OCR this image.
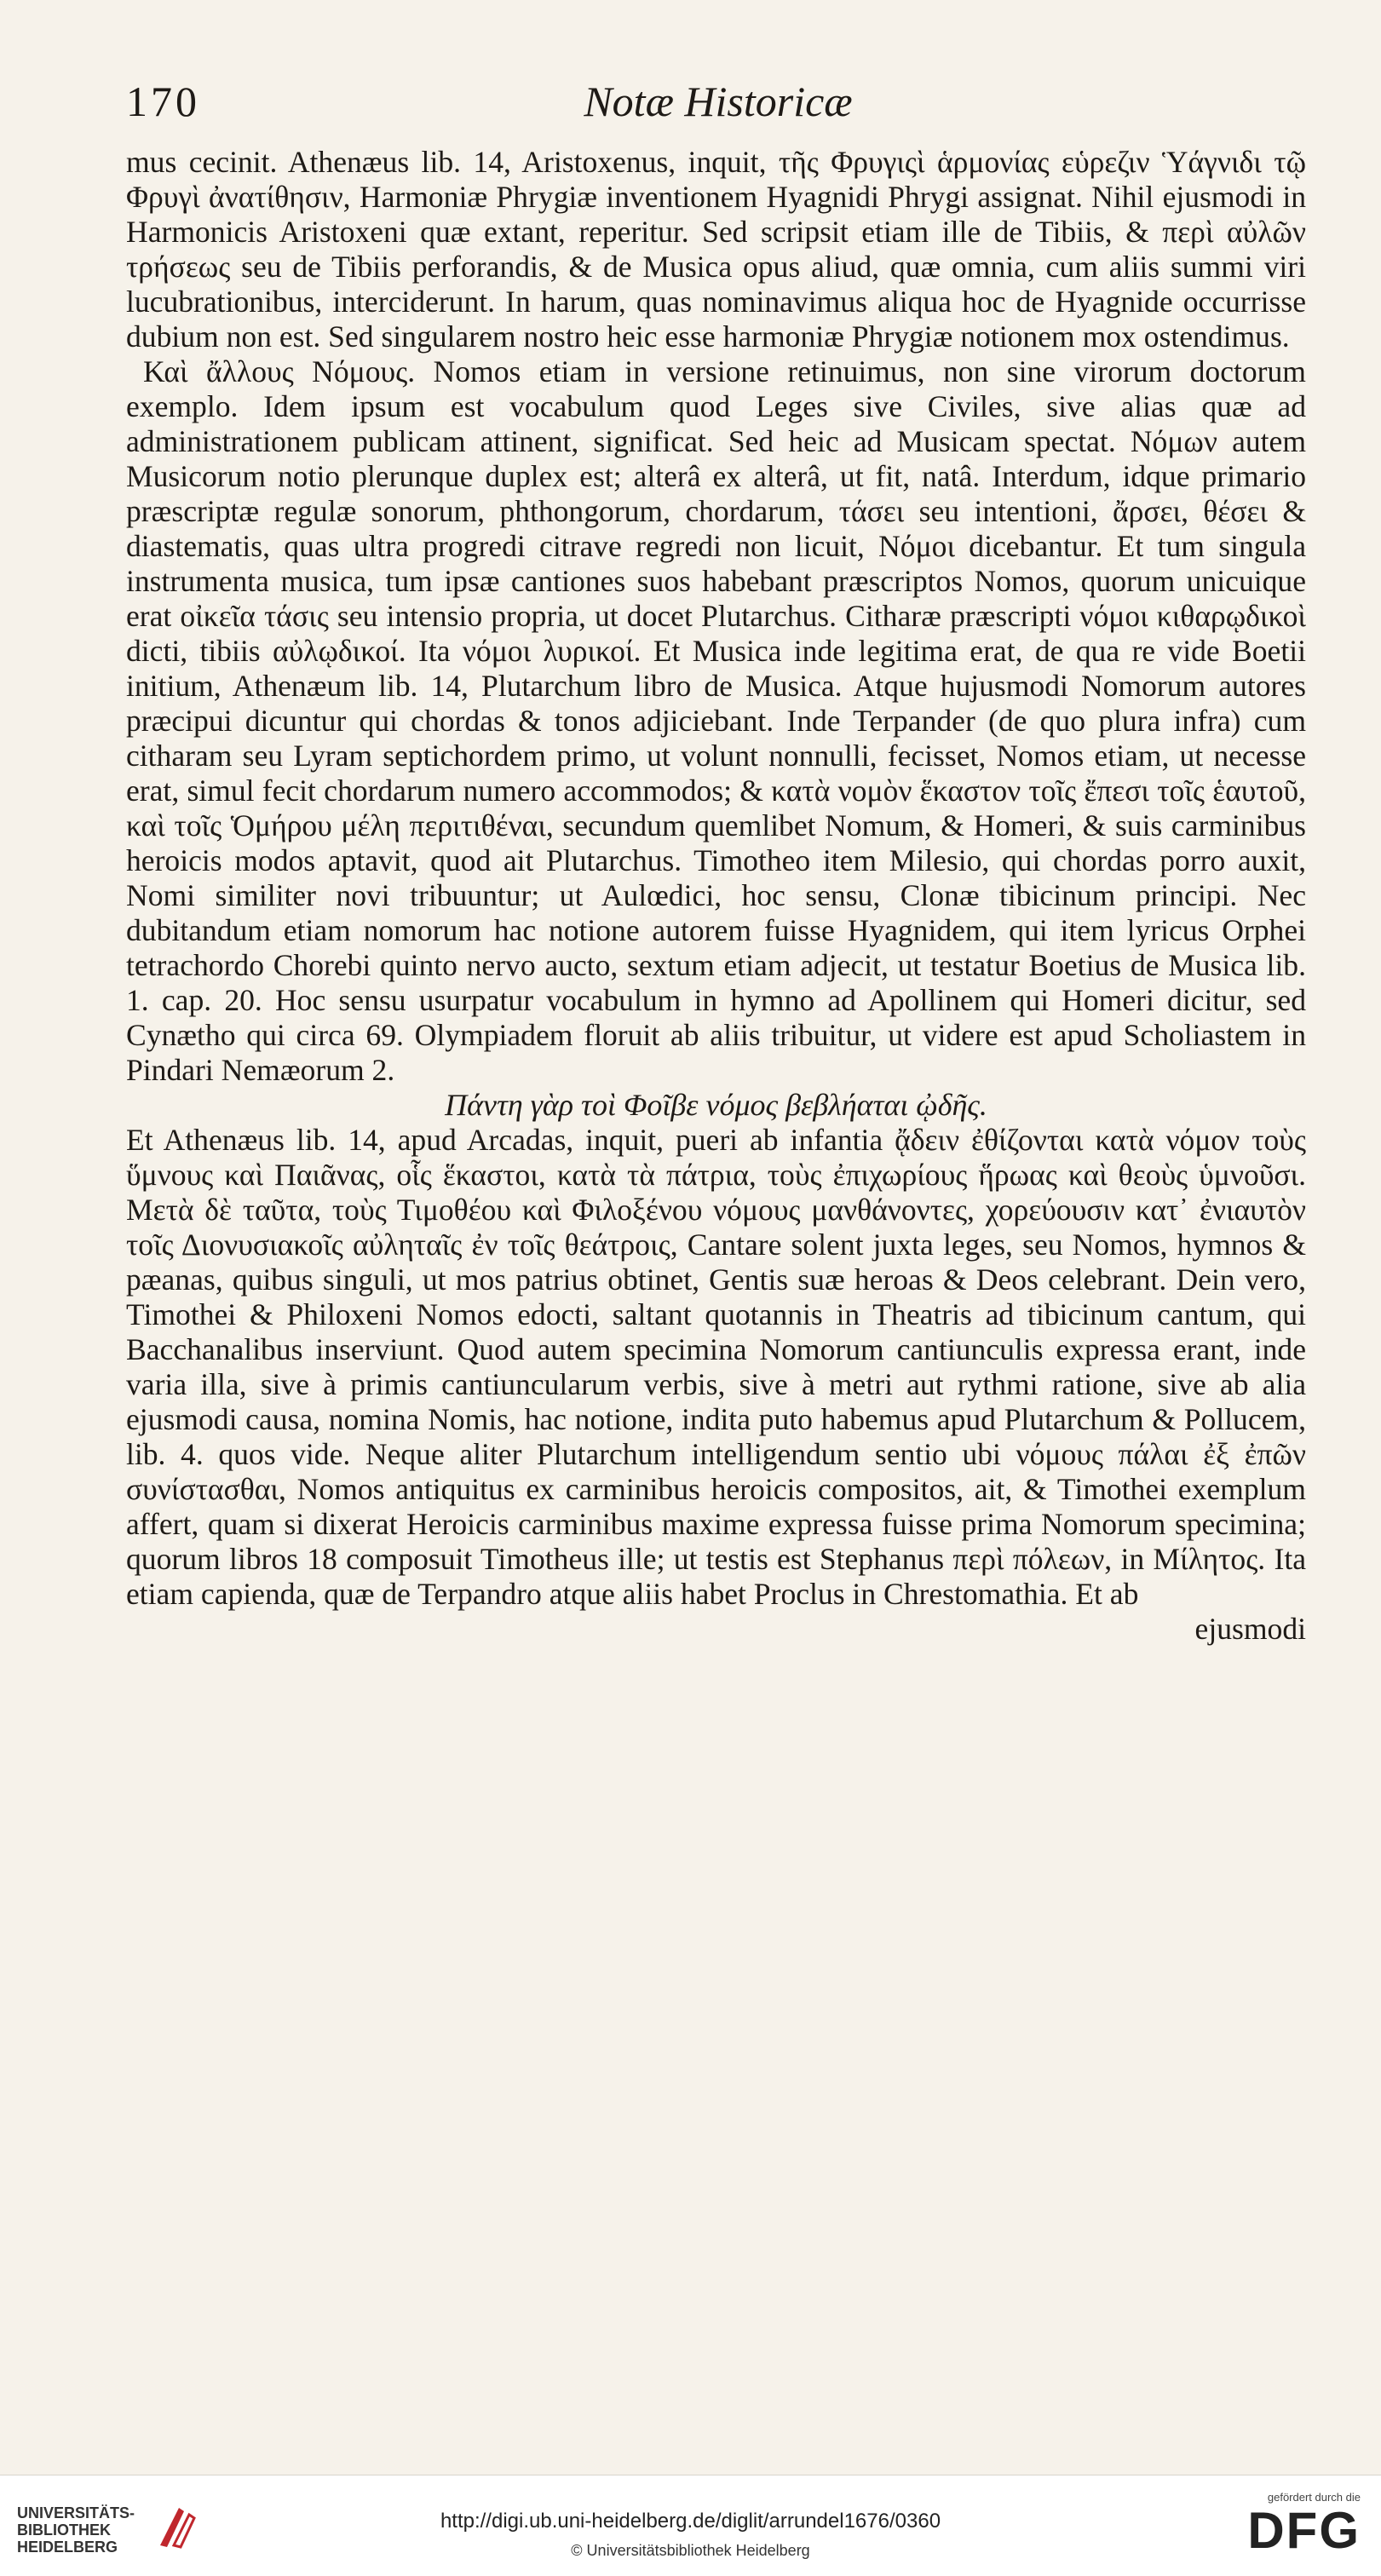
170	Notæ Historicæ

mus cecinit. Athenæus lib. 14, Aristoxenus, inquit, τῆς Φρυγιςὶ ἁρμονίας εὑρεζιν Ὑάγνιδι τῷ Φρυγὶ ἀνατίθησιν, Harmoniæ Phrygiæ inventionem Hyagnidi Phrygi assignat. Nihil ejusmodi in Harmonicis Aristoxeni quæ extant, reperitur. Sed scripsit etiam ille de Tibiis, & περὶ αὐλῶν τρήσεως seu de Tibiis perforandis, & de Musica opus aliud, quæ omnia, cum aliis summi viri lucubrationibus, interciderunt. In harum, quas nominavimus aliqua hoc de Hyagnide occurrisse dubium non est. Sed singularem nostro heic esse harmoniæ Phrygiæ notionem mox ostendimus.

Καὶ ἄλλους Νόμους. Nomos etiam in versione retinuimus, non sine virorum doctorum exemplo. Idem ipsum est vocabulum quod Leges sive Civiles, sive alias quæ ad administrationem publicam attinent, significat. Sed heic ad Musicam spectat. Νόμων autem Musicorum notio plerunque duplex est; alterâ ex alterâ, ut fit, natâ. Interdum, idque primario præscriptæ regulæ sonorum, phthongorum, chordarum, τάσει seu intentioni, ἄρσει, θέσει & diastematis, quas ultra progredi citrave regredi non licuit, Νόμοι dicebantur. Et tum singula instrumenta musica, tum ipsæ cantiones suos habebant præscriptos Nomos, quorum unicuique erat οἰκεῖα τάσις seu intensio propria, ut docet Plutarchus. Citharæ præscripti νόμοι κιθαρῳδικοὶ dicti, tibiis αὐλῳδικοί. Ita νόμοι λυρικοί. Et Musica inde legitima erat, de qua re vide Boetii initium, Athenæum lib. 14, Plutarchum libro de Musica. Atque hujusmodi Nomorum autores præcipui dicuntur qui chordas & tonos adjiciebant. Inde Terpander (de quo plura infra) cum citharam seu Lyram septichordem primo, ut volunt nonnulli, fecisset, Nomos etiam, ut necesse erat, simul fecit chordarum numero accommodos; & κατὰ νομὸν ἕκαστον τοῖς ἔπεσι τοῖς ἑαυτοῦ, καὶ τοῖς Ὁμήρου μέλη περιτιθέναι, secundum quemlibet Nomum, & Homeri, & suis carminibus heroicis modos aptavit, quod ait Plutarchus. Timotheo item Milesio, qui chordas porro auxit, Nomi similiter novi tribuuntur; ut Aulœdici, hoc sensu, Clonæ tibicinum principi. Nec dubitandum etiam nomorum hac notione autorem fuisse Hyagnidem, qui item lyricus Orphei tetrachordo Chorebi quinto nervo aucto, sextum etiam adjecit, ut testatur Boetius de Musica lib. 1. cap. 20. Hoc sensu usurpatur vocabulum in hymno ad Apollinem qui Homeri dicitur, sed Cynætho qui circa 69. Olympiadem floruit ab aliis tribuitur, ut videre est apud Scholiastem in Pindari Nemæorum 2.

Πάντη γὰρ τοὶ Φοῖβε νόμος βεβλήαται ᾠδῆς.

Et Athenæus lib. 14, apud Arcadas, inquit, pueri ab infantia ᾄδειν ἐθίζονται κατὰ νόμον τοὺς ὕμνους καὶ Παιᾶνας, οἷς ἕκαστοι, κατὰ τὰ πάτρια, τοὺς ἐπιχωρίους ἥρωας καὶ θεοὺς ὑμνοῦσι. Μετὰ δὲ ταῦτα, τοὺς Τιμοθέου καὶ Φιλοξένου νόμους μανθάνοντες, χορεύουσιν κατ᾽ ἐνιαυτὸν τοῖς Διονυσιακοῖς αὐληταῖς ἐν τοῖς θεάτροις, Cantare solent juxta leges, seu Nomos, hymnos & pæanas, quibus singuli, ut mos patrius obtinet, Gentis suæ heroas & Deos celebrant. Dein vero, Timothei & Philoxeni Nomos edocti, saltant quotannis in Theatris ad tibicinum cantum, qui Bacchanalibus inserviunt. Quod autem specimina Nomorum cantiunculis expressa erant, inde varia illa, sive à primis cantiuncularum verbis, sive à metri aut rythmi ratione, sive ab alia ejusmodi causa, nomina Nomis, hac notione, indita puto habemus apud Plutarchum & Pollucem, lib. 4. quos vide. Neque aliter Plutarchum intelligendum sentio ubi νόμους πάλαι ἐξ ἐπῶν συνίστασθαι, Nomos antiquitus ex carminibus heroicis compositos, ait, & Timothei exemplum affert, quam si dixerat Heroicis carminibus maxime expressa fuisse prima Nomorum specimina; quorum libros 18 composuit Timotheus ille; ut testis est Stephanus περὶ πόλεων, in Μίλητος. Ita etiam capienda, quæ de Terpandro atque aliis habet Proclus in Chrestomathia. Et ab

ejusmodi

UNIVERSITÄTS-
BIBLIOTHEK
HEIDELBERG
http://digi.ub.uni-heidelberg.de/diglit/arrundel1676/0360
© Universitätsbibliothek Heidelberg
gefördert durch die
DFG
